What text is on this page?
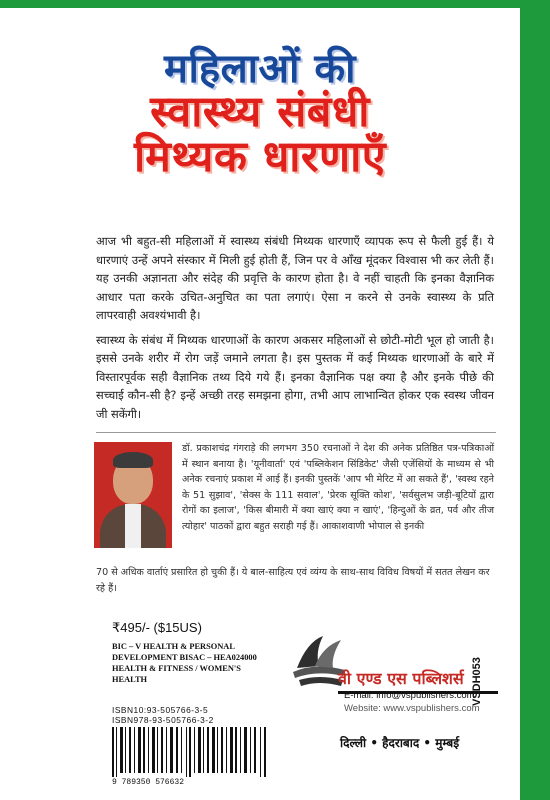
महिलाओं की
स्वास्थ्य संबंधी
मिथ्यक धारणाएँ

आज भी बहुत-सी महिलाओं में स्वास्थ्य संबंधी मिथ्यक धारणाएँ व्यापक रूप से फैली हुई हैं। ये धारणाएं उन्हें अपने संस्कार में मिली हुई होती हैं, जिन पर वे आँख मूंदकर विश्वास भी कर लेती हैं। यह उनकी अज्ञानता और संदेह की प्रवृत्ति के कारण होता है। वे नहीं चाहती कि इनका वैज्ञानिक आधार पता करके उचित-अनुचित का पता लगाएं। ऐसा न करने से उनके स्वास्थ्य के प्रति लापरवाही अवश्यंभावी है।

स्वास्थ्य के संबंध में मिथ्यक धारणाओं के कारण अकसर महिलाओं से छोटी-मोटी भूल हो जाती है। इससे उनके शरीर में रोग जड़ें जमाने लगता है। इस पुस्तक में कई मिथ्यक धारणाओं के बारे में विस्तारपूर्वक सही वैज्ञानिक तथ्य दिये गये हैं। इनका वैज्ञानिक पक्ष क्या है और इनके पीछे की सच्चाई कौन-सी है? इन्हें अच्छी तरह समझना होगा, तभी आप लाभान्वित होकर एक स्वस्थ जीवन जी सकेंगी।

डॉ. प्रकाशचंद्र गंगराड़े की लगभग 350 रचनाओं ने देश की अनेक प्रतिष्ठित पत्र-पत्रिकाओं में स्थान बनाया है। 'यूनीवार्ता' एवं 'पब्लिकेशन सिंडिकेट' जैसी एजेंसियों के माध्यम से भी अनेक रचनाएं प्रकाश में आई हैं। इनकी पुस्तकें 'आप भी मेरिट में आ सकते हैं', 'स्वस्थ रहने के 51 सुझाव', 'सेक्स के 111 सवाल', 'प्रेरक सूक्ति कोश', 'सर्वसुलभ जड़ी-बूटियों द्वारा रोगों का इलाज', 'किस बीमारी में क्या खाएं क्या न खाएं', 'हिन्दुओं के व्रत, पर्व और तीज त्योहार' पाठकों द्वारा बहुत सराही गई हैं। आकाशवाणी भोपाल से इनकी
70 से अधिक वार्ताएं प्रसारित हो चुकी हैं। ये बाल-साहित्य एवं व्यंग्य के साथ-साथ विविध विषयों में सतत लेखन कर रहे हैं।
₹495/- ($15US)
BIC – V HEALTH & PERSONAL DEVELOPMENT BISAC – HEA024000 HEALTH & FITNESS / WOMEN'S HEALTH
ISBN10:93-505766-3-5
ISBN978-93-505766-3-2
9 789350 576632
VSDH053
वी एण्ड एस पब्लिशर्स
E-mail: info@vspublishers.com
Website: www.vspublishers.com
दिल्ली • हैदराबाद • मुम्बई
